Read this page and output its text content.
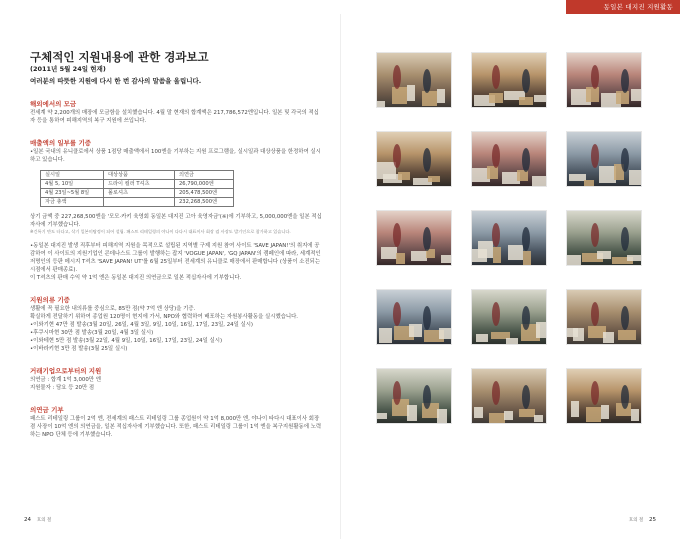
동일본 대지진 지원활동
구체적인 지원내용에 관한 경과보고
(2011년 5월 24일 현재)
여러분의 따뜻한 지원에 다시 한 번 감사의 말씀을 올립니다.
해외에서의 모금

전세계 약 2,200개의 매장에 모금함을 설치했습니다. 4월 말 현재의 합계액은 217,786,572엔입니다. 일본 및 각국의 적십자 등을 통하여 피해지역의 복구 지원에 쓰입니다.

매출액의 일부를 기증

•일본 국내의 유니클로에서 상품 1점당 매출액에서 100엔을 기부하는 지원 프로그램을, 실시일과 대상상품을 한정하여 실시하고 있습니다.

실시일	대상상품	의연금
4월 5, 10일	드라이 컬러 T셔츠	26,790,000엔
4월 23일~5월 8일	폴로셔츠	205,478,500엔
자금 총액		232,268,500엔

상기 금액 중 227,268,500엔을 '모모·카키 육영회 동일본 대지진 고아 육영자금'(※)에 기부하고, 5,000,000엔을 일본 적십자사에 기부했습니다.

※긴특기 만도 타다고, 삭기 일본미탐정이 되어 설립. 패스트 리테일링의 야나이 다다시 대표이사 회장 겸 사장도 발기인으로 참가하고 있습니다.

•동일본 대지진 발생 직후부터 피해지역 지원을 목적으로 설립된 지역별 구제 지원 참여 사이트 'SAVE JAPAN!'의 취지에 공감하여 이 사이트의 지원기업인 콘데나스트 그룹이 발행하는 잡지 'VOGUE JAPAN', 'GQ JAPAN'의 캠페인에 따라, 세계적인 저명인의 등판 메시지 T셔츠 'SAVE JAPAN! UT'를 6월 25일부터 전세계의 유니클로 매장에서 판매합니다 (상품이 소진되는 시점에서 판매종료).

이 T셔츠의 판매 수익 약 1억 엔은 동일본 대지진 의연금으로 일본 적십자사에 기부합니다.

지원의류 기증

생활에 꼭 필요한 내의류를 중심으로, 85만 점(약 7억 엔 상당)을 기증.

확실하게 전달하기 위하여 종업원 120명이 현지에 가서, NPO와 협력하여 배포하는 자원봉사활동을 실시했습니다.

•이와기현 47만 점 발송(3월 20일, 26일, 4월 3일, 9일, 10일, 16일, 17일, 23일, 24일 실시)

•후쿠시마현 30만 점 발송(3월 20일, 4월 3일 실시)

•이와테현 5만 점 발송(3월 22일, 4월 9일, 10일, 16일, 17일, 23일, 24일 실시)

•이바라키현 3만 점 발송(3월 25일 실시)

거래기업으로부터의 지원

의연금 : 합계 1억 3,000만 엔

지원물자 : 담요 등 20만 점

의연금 기부

패스트 리테일링 그룹이 2억 엔, 전세계의 패스트 리테일링 그룹 종업원이 약 1억 8,000만 엔, 야나이 타다시 대표이사 회장 겸 사장이 10억 엔의 의연금을, 일본 적십자사에 기부했습니다. 또한, 패스트 리테일링 그룹이 1억 엔을 복구지원활동에 노력하는 NPO 단체 등에 기부했습니다.

24 호의 철	호의 철 25
